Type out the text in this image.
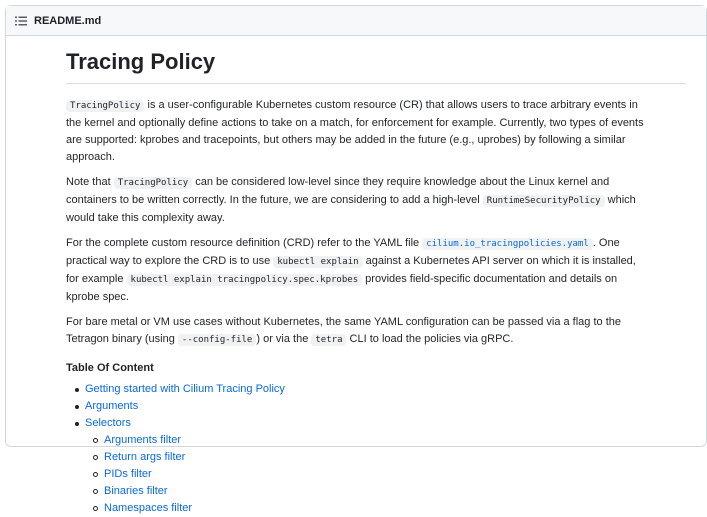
README.md
Tracing Policy

TracingPolicy is a user-configurable Kubernetes custom resource (CR) that allows users to trace arbitrary events in the kernel and optionally define actions to take on a match, for enforcement for example. Currently, two types of events are supported: kprobes and tracepoints, but others may be added in the future (e.g., uprobes) by following a similar approach.

Note that TracingPolicy can be considered low-level since they require knowledge about the Linux kernel and containers to be written correctly. In the future, we are considering to add a high-level RuntimeSecurityPolicy which would take this complexity away.

For the complete custom resource definition (CRD) refer to the YAML file cilium.io_tracingpolicies.yaml . One practical way to explore the CRD is to use kubectl explain against a Kubernetes API server on which it is installed, for example kubectl explain tracingpolicy.spec.kprobes provides field-specific documentation and details on kprobe spec.

For bare metal or VM use cases without Kubernetes, the same YAML configuration can be passed via a flag to the Tetragon binary (using --config-file ) or via the tetra CLI to load the policies via gRPC.

Table Of Content
Getting started with Cilium Tracing Policy
Arguments
Selectors
Arguments filter
Return args filter
PIDs filter
Binaries filter
Namespaces filter
